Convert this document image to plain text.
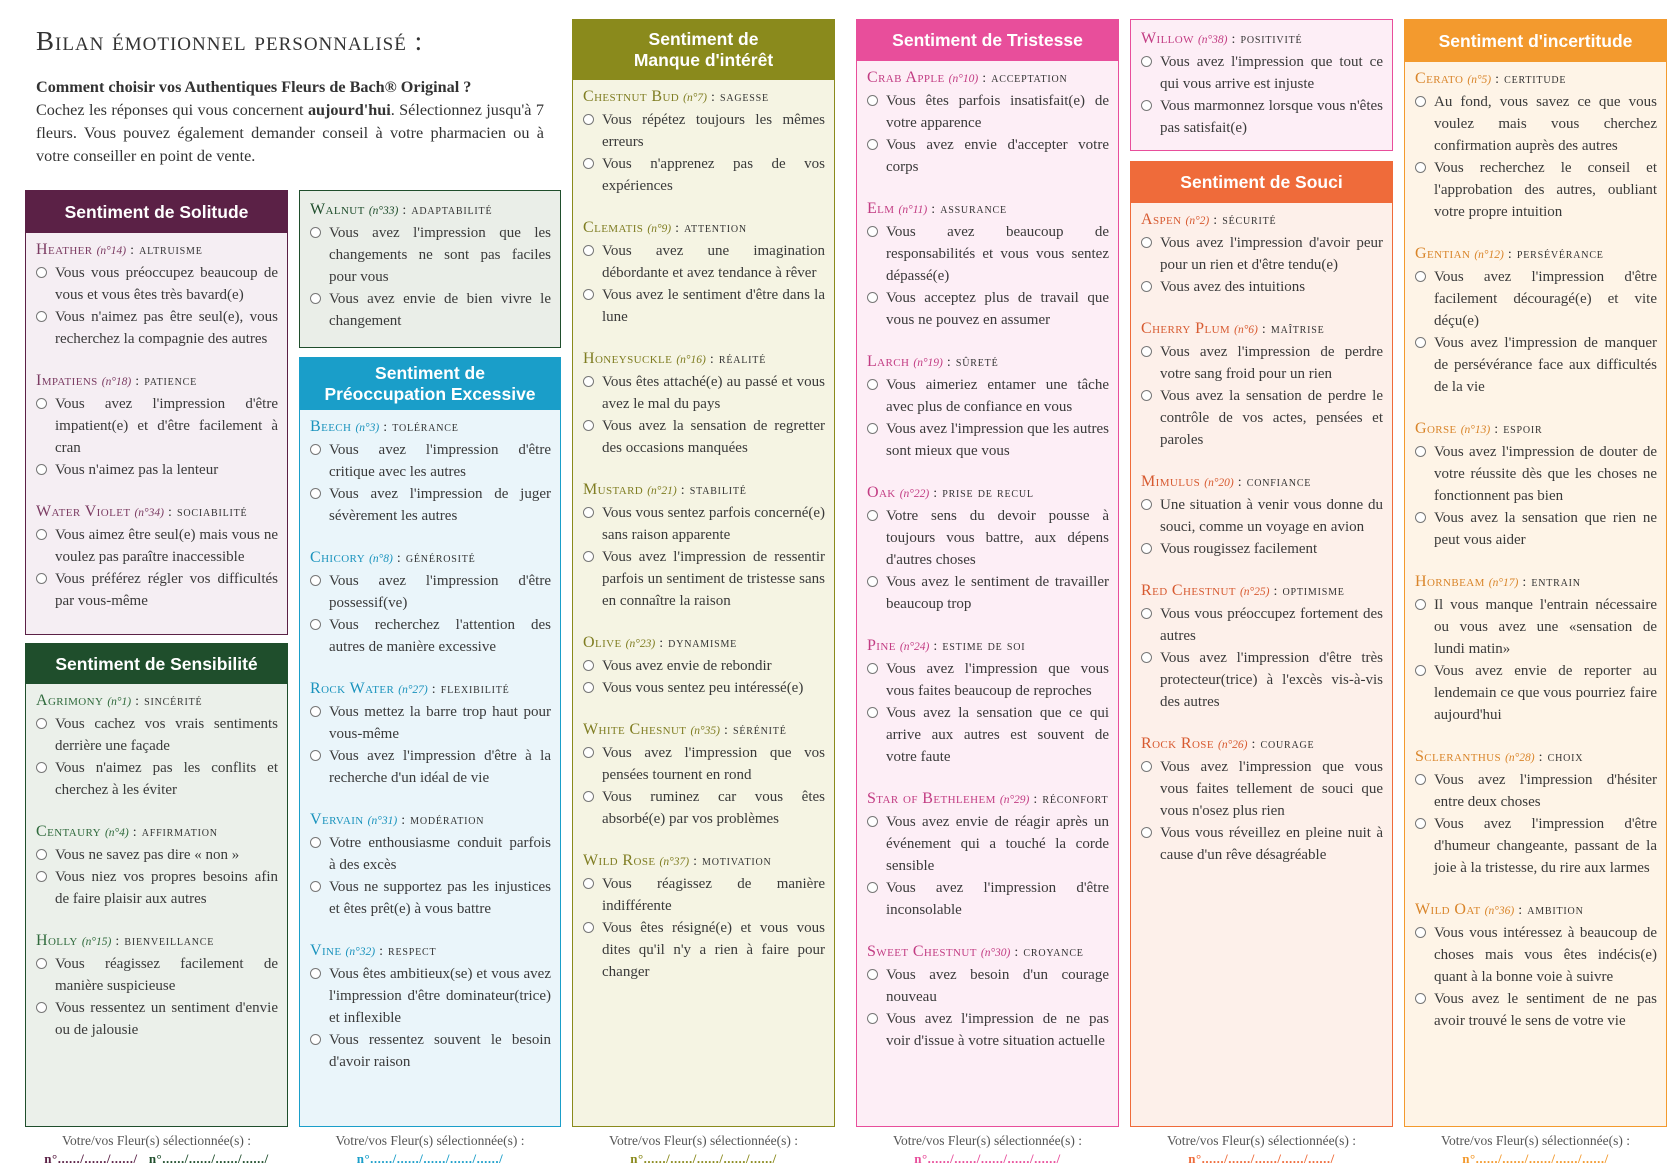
Bilan émotionnel personnalisé :
Comment choisir vos Authentiques Fleurs de Bach® Original ?
Cochez les réponses qui vous concernent aujourd'hui. Sélectionnez jusqu'à 7 fleurs. Vous pouvez également demander conseil à votre pharmacien ou à votre conseiller en point de vente.
Sentiment de Solitude
Heather (n°14) : altruisme
Vous vous préoccupez beaucoup de vous et vous êtes très bavard(e)
Vous n'aimez pas être seul(e), vous recherchez la compagnie des autres
Impatiens (n°18) : patience
Vous avez l'impression d'être impatient(e) et d'être facilement à cran
Vous n'aimez pas la lenteur
Water Violet (n°34) : sociabilité
Vous aimez être seul(e) mais vous ne voulez pas paraître inaccessible
Vous préférez régler vos difficultés par vous-même
Sentiment de Sensibilité
Agrimony (n°1) : sincérité
Vous cachez vos vrais sentiments derrière une façade
Vous n'aimez pas les conflits et cherchez à les éviter
Centaury (n°4) : affirmation
Vous ne savez pas dire « non »
Vous niez vos propres besoins afin de faire plaisir aux autres
Holly (n°15) : bienveillance
Vous réagissez facilement de manière suspicieuse
Vous ressentez un sentiment d'envie ou de jalousie
Walnut (n°33) : adaptabilité
Vous avez l'impression que les changements ne sont pas faciles pour vous
Vous avez envie de bien vivre le changement
Sentiment de
Préoccupation Excessive
Beech (n°3) : tolérance
Vous avez l'impression d'être critique avec les autres
Vous avez l'impression de juger sévèrement les autres
Chicory (n°8) : générosité
Vous avez l'impression d'être possessif(ve)
Vous recherchez l'attention des autres de manière excessive
Rock Water (n°27) : flexibilité
Vous mettez la barre trop haut pour vous-même
Vous avez l'impression d'être à la recherche d'un idéal de vie
Vervain (n°31) : modération
Votre enthousiasme conduit parfois à des excès
Vous ne supportez pas les injustices et êtes prêt(e) à vous battre
Vine (n°32) : respect
Vous êtes ambitieux(se) et vous avez l'impression d'être dominateur(trice) et inflexible
Vous ressentez souvent le besoin d'avoir raison
Sentiment de
Manque d'intérêt
Chestnut Bud (n°7) : sagesse
Vous répétez toujours les mêmes erreurs
Vous n'apprenez pas de vos expériences
Clematis (n°9) : attention
Vous avez une imagination débordante et avez tendance à rêver
Vous avez le sentiment d'être dans la lune
Honeysuckle (n°16) : réalité
Vous êtes attaché(e) au passé et vous avez le mal du pays
Vous avez la sensation de regretter des occasions manquées
Mustard (n°21) : stabilité
Vous vous sentez parfois concerné(e) sans raison apparente
Vous avez l'impression de ressentir parfois un sentiment de tristesse sans en connaître la raison
Olive (n°23) : dynamisme
Vous avez envie de rebondir
Vous vous sentez peu intéressé(e)
White Chesnut (n°35) : sérénité
Vous avez l'impression que vos pensées tournent en rond
Vous ruminez car vous êtes absorbé(e) par vos problèmes
Wild Rose (n°37) : motivation
Vous réagissez de manière indifférente
Vous êtes résigné(e) et vous vous dites qu'il n'y a rien à faire pour changer
Sentiment de Tristesse
Crab Apple (n°10) : acceptation
Vous êtes parfois insatisfait(e) de votre apparence
Vous avez envie d'accepter votre corps
Elm (n°11) : assurance
Vous avez beaucoup de responsabilités et vous vous sentez dépassé(e)
Vous acceptez plus de travail que vous ne pouvez en assumer
Larch (n°19) : sûreté
Vous aimeriez entamer une tâche avec plus de confiance en vous
Vous avez l'impression que les autres sont mieux que vous
Oak (n°22) : prise de recul
Votre sens du devoir pousse à toujours vous battre, aux dépens d'autres choses
Vous avez le sentiment de travailler beaucoup trop
Pine (n°24) : estime de soi
Vous avez l'impression que vous vous faites beaucoup de reproches
Vous avez la sensation que ce qui arrive aux autres est souvent de votre faute
Star of Bethlehem (n°29) : réconfort
Vous avez envie de réagir après un événement qui a touché la corde sensible
Vous avez l'impression d'être inconsolable
Sweet Chestnut (n°30) : croyance
Vous avez besoin d'un courage nouveau
Vous avez l'impression de ne pas voir d'issue à votre situation actuelle
Willow (n°38) : positivité
Vous avez l'impression que tout ce qui vous arrive est injuste
Vous marmonnez lorsque vous n'êtes pas satisfait(e)
Sentiment de Souci
Aspen (n°2) : sécurité
Vous avez l'impression d'avoir peur pour un rien et d'être tendu(e)
Vous avez des intuitions
Cherry Plum (n°6) : maîtrise
Vous avez l'impression de perdre votre sang froid pour un rien
Vous avez la sensation de perdre le contrôle de vos actes, pensées et paroles
Mimulus (n°20) : confiance
Une situation à venir vous donne du souci, comme un voyage en avion
Vous rougissez facilement
Red Chestnut (n°25) : optimisme
Vous vous préoccupez fortement des autres
Vous avez l'impression d'être très protecteur(trice) à l'excès vis-à-vis des autres
Rock Rose (n°26) : courage
Vous avez l'impression que vous vous faites tellement de souci que vous n'osez plus rien
Vous vous réveillez en pleine nuit à cause d'un rêve désagréable
Sentiment d'incertitude
Cerato (n°5) : certitude
Au fond, vous savez ce que vous voulez mais vous cherchez confirmation auprès des autres
Vous recherchez le conseil et l'approbation des autres, oubliant votre propre intuition
Gentian (n°12) : persévérance
Vous avez l'impression d'être facilement découragé(e) et vite déçu(e)
Vous avez l'impression de manquer de persévérance face aux difficultés de la vie
Gorse (n°13) : espoir
Vous avez l'impression de douter de votre réussite dès que les choses ne fonctionnent pas bien
Vous avez la sensation que rien ne peut vous aider
Hornbeam (n°17) : entrain
Il vous manque l'entrain nécessaire ou vous avez une «sensation de lundi matin»
Vous avez envie de reporter au lendemain ce que vous pourriez faire aujourd'hui
Scleranthus (n°28) : choix
Vous avez l'impression d'hésiter entre deux choses
Vous avez l'impression d'être d'humeur changeante, passant de la joie à la tristesse, du rire aux larmes
Wild Oat (n°36) : ambition
Vous vous intéressez à beaucoup de choses mais vous êtes indécis(e) quant à la bonne voie à suivre
Vous avez le sentiment de ne pas avoir trouvé le sens de votre vie
Votre/vos Fleur(s) sélectionnée(s) :
n°....../....../....../ n°....../....../....../....../
Votre/vos Fleur(s) sélectionnée(s) :
n°....../....../....../....../....../
Votre/vos Fleur(s) sélectionnée(s) :
n°....../....../....../....../....../
Votre/vos Fleur(s) sélectionnée(s) :
n°....../....../....../....../....../
Votre/vos Fleur(s) sélectionnée(s) :
n°....../....../....../....../....../
Votre/vos Fleur(s) sélectionnée(s) :
n°....../....../....../....../....../
